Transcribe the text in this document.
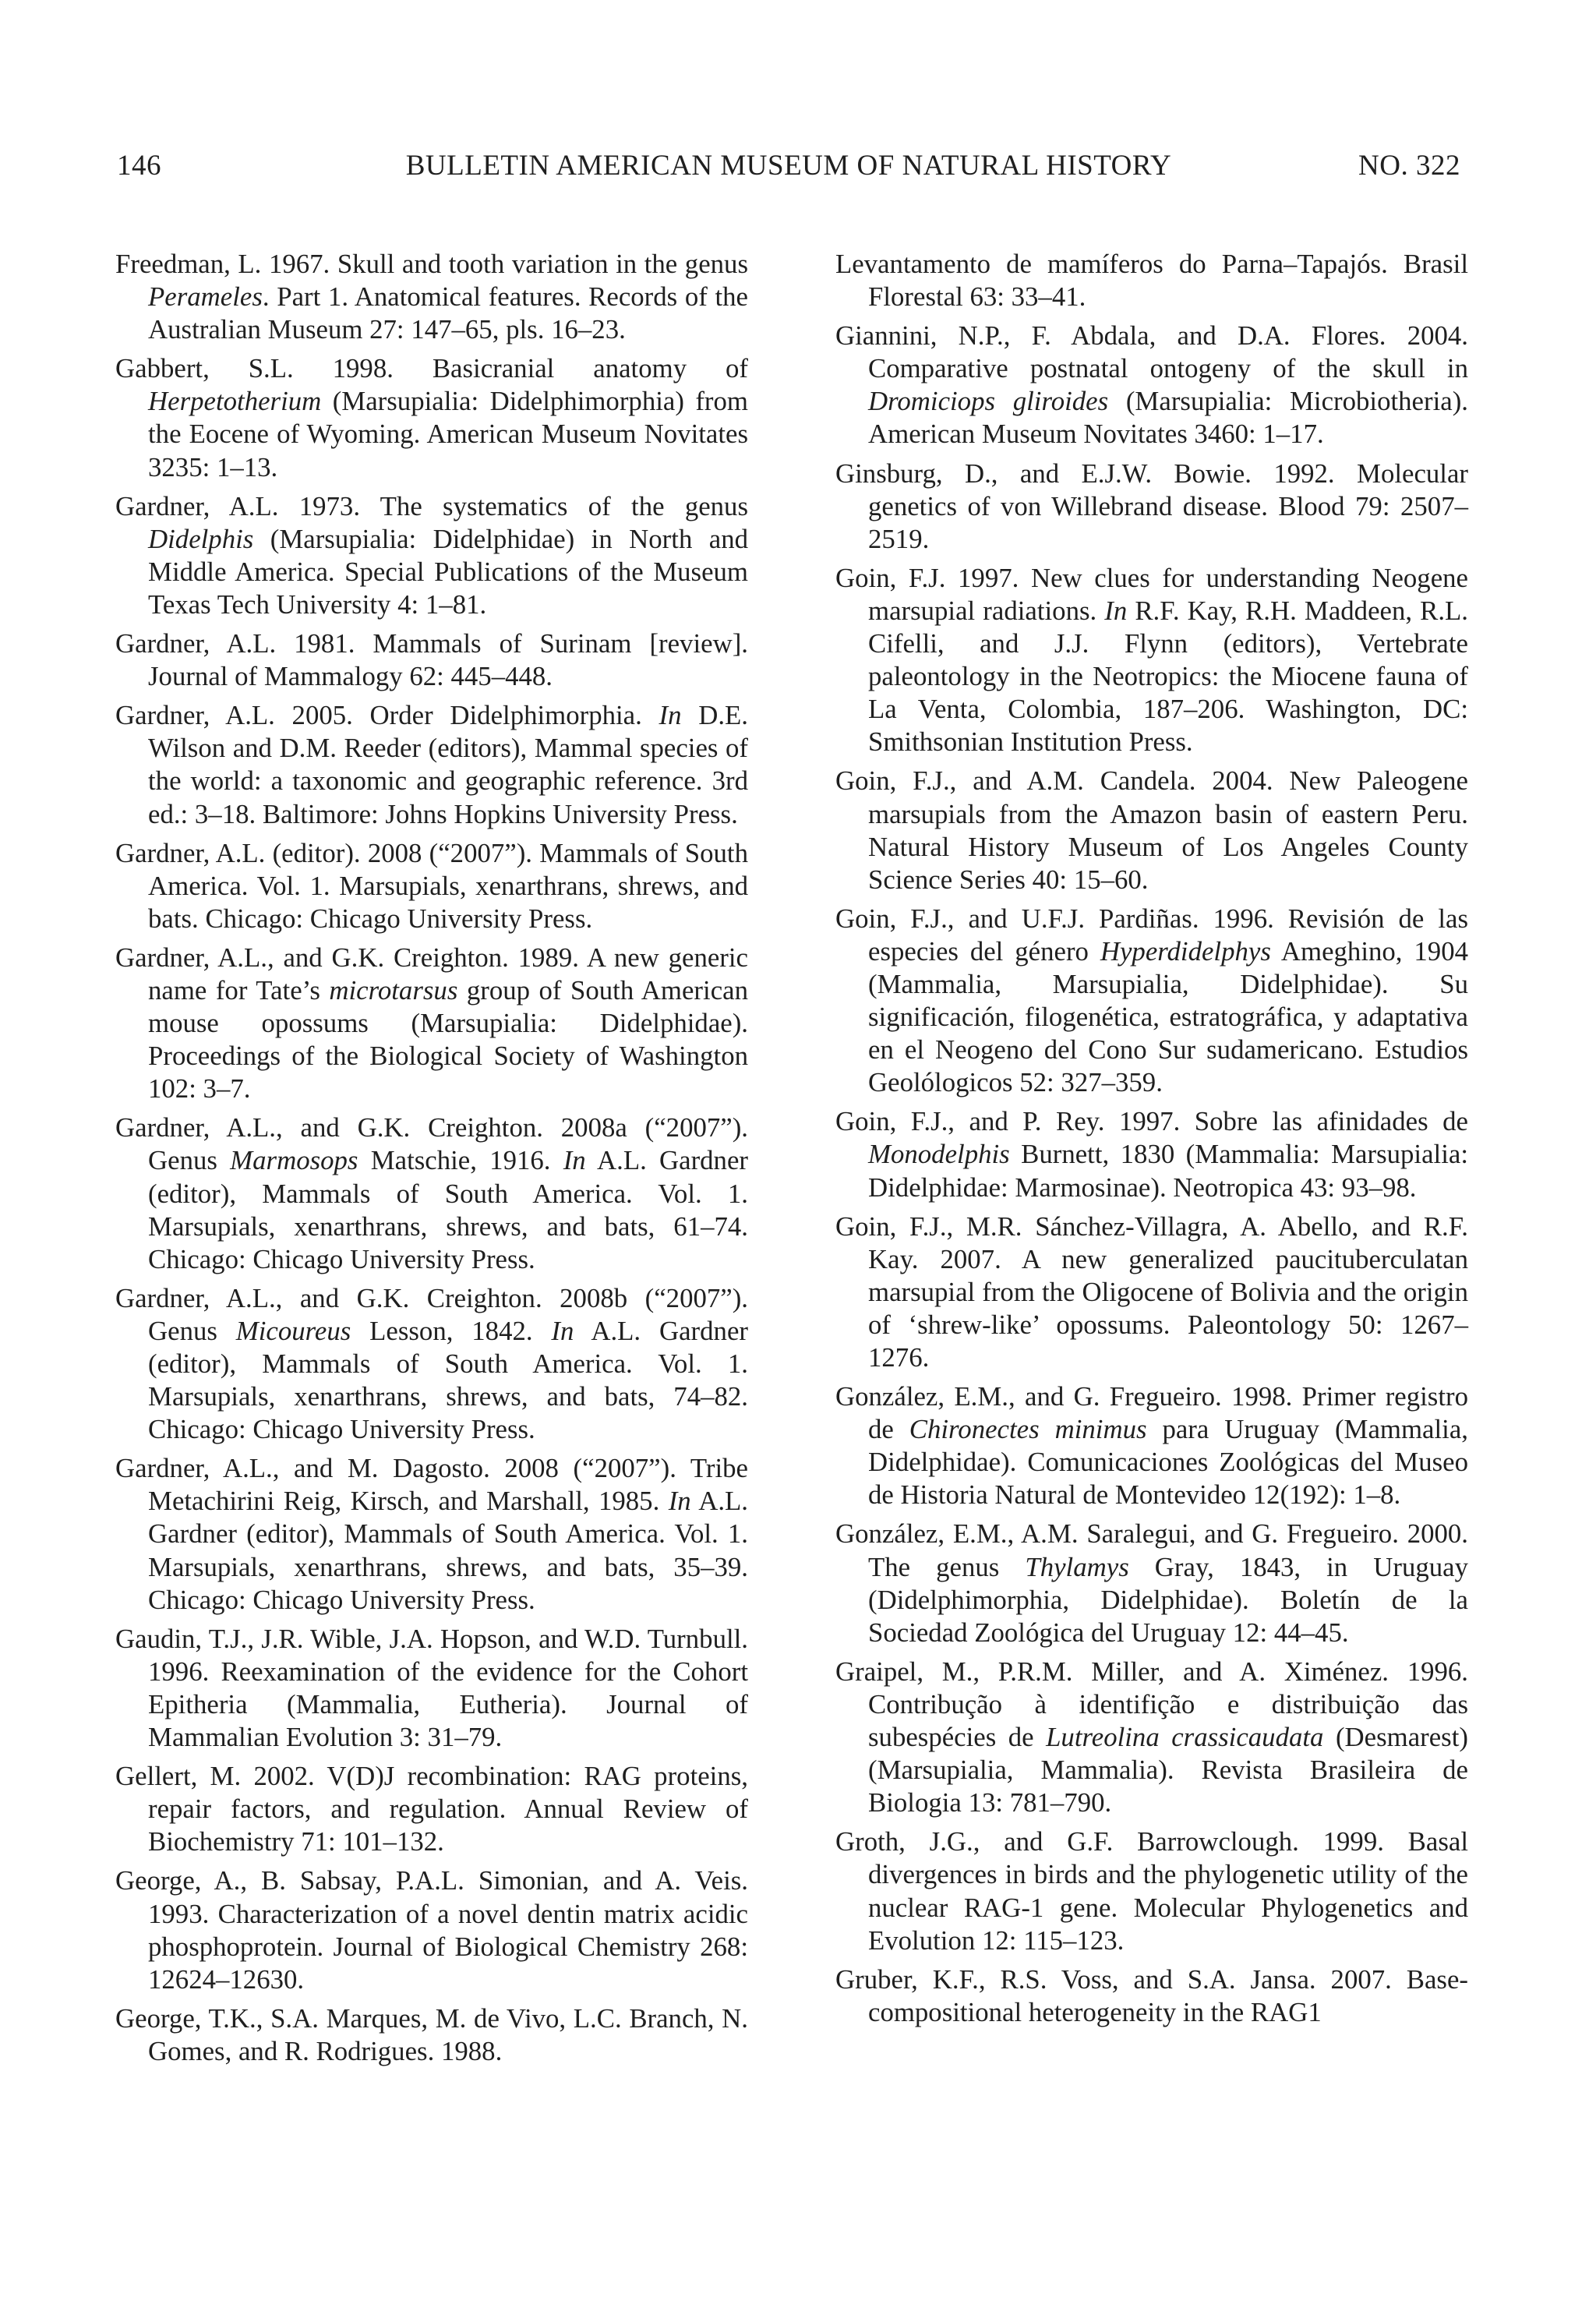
146	BULLETIN AMERICAN MUSEUM OF NATURAL HISTORY	NO. 322

Freedman, L. 1967. Skull and tooth variation in the genus Perameles. Part 1. Anatomical features. Records of the Australian Museum 27: 147–65, pls. 16–23.

Gabbert, S.L. 1998. Basicranial anatomy of Herpetotherium (Marsupialia: Didelphimorphia) from the Eocene of Wyoming. American Museum Novitates 3235: 1–13.

Gardner, A.L. 1973. The systematics of the genus Didelphis (Marsupialia: Didelphidae) in North and Middle America. Special Publications of the Museum Texas Tech University 4: 1–81.

Gardner, A.L. 1981. Mammals of Surinam [review]. Journal of Mammalogy 62: 445–448.

Gardner, A.L. 2005. Order Didelphimorphia. In D.E. Wilson and D.M. Reeder (editors), Mammal species of the world: a taxonomic and geographic reference. 3rd ed.: 3–18. Baltimore: Johns Hopkins University Press.

Gardner, A.L. (editor). 2008 (“2007”). Mammals of South America. Vol. 1. Marsupials, xenarthrans, shrews, and bats. Chicago: Chicago University Press.

Gardner, A.L., and G.K. Creighton. 1989. A new generic name for Tate’s microtarsus group of South American mouse opossums (Marsupialia: Didelphidae). Proceedings of the Biological Society of Washington 102: 3–7.

Gardner, A.L., and G.K. Creighton. 2008a (“2007”). Genus Marmosops Matschie, 1916. In A.L. Gardner (editor), Mammals of South America. Vol. 1. Marsupials, xenarthrans, shrews, and bats, 61–74. Chicago: Chicago University Press.

Gardner, A.L., and G.K. Creighton. 2008b (“2007”). Genus Micoureus Lesson, 1842. In A.L. Gardner (editor), Mammals of South America. Vol. 1. Marsupials, xenarthrans, shrews, and bats, 74–82. Chicago: Chicago University Press.

Gardner, A.L., and M. Dagosto. 2008 (“2007”). Tribe Metachirini Reig, Kirsch, and Marshall, 1985. In A.L. Gardner (editor), Mammals of South America. Vol. 1. Marsupials, xenarthrans, shrews, and bats, 35–39. Chicago: Chicago University Press.

Gaudin, T.J., J.R. Wible, J.A. Hopson, and W.D. Turnbull. 1996. Reexamination of the evidence for the Cohort Epitheria (Mammalia, Eutheria). Journal of Mammalian Evolution 3: 31–79.

Gellert, M. 2002. V(D)J recombination: RAG proteins, repair factors, and regulation. Annual Review of Biochemistry 71: 101–132.

George, A., B. Sabsay, P.A.L. Simonian, and A. Veis. 1993. Characterization of a novel dentin matrix acidic phosphoprotein. Journal of Biological Chemistry 268: 12624–12630.

George, T.K., S.A. Marques, M. de Vivo, L.C. Branch, N. Gomes, and R. Rodrigues. 1988.

Levantamento de mamíferos do Parna–Tapajós. Brasil Florestal 63: 33–41.

Giannini, N.P., F. Abdala, and D.A. Flores. 2004. Comparative postnatal ontogeny of the skull in Dromiciops gliroides (Marsupialia: Microbiotheria). American Museum Novitates 3460: 1–17.

Ginsburg, D., and E.J.W. Bowie. 1992. Molecular genetics of von Willebrand disease. Blood 79: 2507–2519.

Goin, F.J. 1997. New clues for understanding Neogene marsupial radiations. In R.F. Kay, R.H. Maddeen, R.L. Cifelli, and J.J. Flynn (editors), Vertebrate paleontology in the Neotropics: the Miocene fauna of La Venta, Colombia, 187–206. Washington, DC: Smithsonian Institution Press.

Goin, F.J., and A.M. Candela. 2004. New Paleogene marsupials from the Amazon basin of eastern Peru. Natural History Museum of Los Angeles County Science Series 40: 15–60.

Goin, F.J., and U.F.J. Pardiñas. 1996. Revisión de las especies del género Hyperdidelphys Ameghino, 1904 (Mammalia, Marsupialia, Didelphidae). Su significación, filogenética, estratográfica, y adaptativa en el Neogeno del Cono Sur sudamericano. Estudios Geolólogicos 52: 327–359.

Goin, F.J., and P. Rey. 1997. Sobre las afinidades de Monodelphis Burnett, 1830 (Mammalia: Marsupialia: Didelphidae: Marmosinae). Neotropica 43: 93–98.

Goin, F.J., M.R. Sánchez-Villagra, A. Abello, and R.F. Kay. 2007. A new generalized paucituberculatan marsupial from the Oligocene of Bolivia and the origin of ‘shrew-like’ opossums. Paleontology 50: 1267–1276.

González, E.M., and G. Fregueiro. 1998. Primer registro de Chironectes minimus para Uruguay (Mammalia, Didelphidae). Comunicaciones Zoológicas del Museo de Historia Natural de Montevideo 12(192): 1–8.

González, E.M., A.M. Saralegui, and G. Fregueiro. 2000. The genus Thylamys Gray, 1843, in Uruguay (Didelphimorphia, Didelphidae). Boletín de la Sociedad Zoológica del Uruguay 12: 44–45.

Graipel, M., P.R.M. Miller, and A. Ximénez. 1996. Contribução à identifição e distribuição das subespécies de Lutreolina crassicaudata (Desmarest) (Marsupialia, Mammalia). Revista Brasileira de Biologia 13: 781–790.

Groth, J.G., and G.F. Barrowclough. 1999. Basal divergences in birds and the phylogenetic utility of the nuclear RAG-1 gene. Molecular Phylogenetics and Evolution 12: 115–123.

Gruber, K.F., R.S. Voss, and S.A. Jansa. 2007. Base-compositional heterogeneity in the RAG1
